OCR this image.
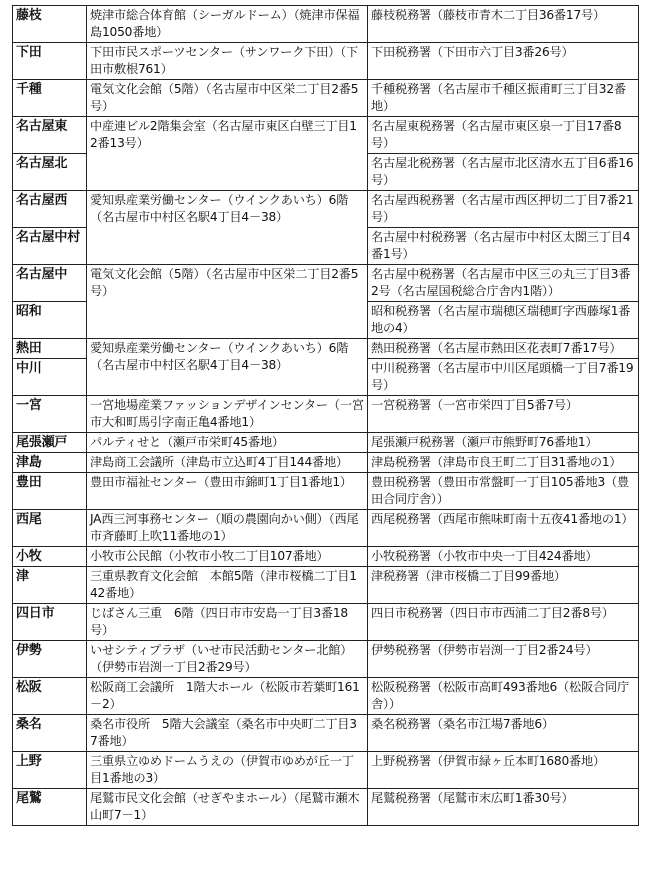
藤枝	焼津市総合体育館（シーガルドーム）（焼津市保福島1050番地）	藤枝税務署（藤枝市青木二丁目36番17号）
下田	下田市民スポーツセンター（サンワーク下田）（下田市敷根761）	下田税務署（下田市六丁目3番26号）
千種	電気文化会館（5階）（名古屋市中区栄二丁目2番5号）	千種税務署（名古屋市千種区振甫町三丁目32番地）
名古屋東	中産連ビル2階集会室（名古屋市東区白壁三丁目12番13号）	名古屋東税務署（名古屋市東区泉一丁目17番8号）
名古屋北		名古屋北税務署（名古屋市北区清水五丁目6番16号）
名古屋西	愛知県産業労働センター（ウインクあいち）6階（名古屋市中村区名駅4丁目4－38）	名古屋西税務署（名古屋市西区押切二丁目7番21号）
名古屋中村		名古屋中村税務署（名古屋市中村区太閤三丁目4番1号）
名古屋中	電気文化会館（5階）（名古屋市中区栄二丁目2番5号）	名古屋中税務署（名古屋市中区三の丸三丁目3番2号（名古屋国税総合庁舎内1階））
昭和		昭和税務署（名古屋市瑞穂区瑞穂町字西藤塚1番地の4）
熱田	愛知県産業労働センター（ウインクあいち）6階（名古屋市中村区名駅4丁目4－38）	熱田税務署（名古屋市熱田区花表町7番17号）
中川		中川税務署（名古屋市中川区尾頭橋一丁目7番19号）
一宮	一宮地場産業ファッションデザインセンター（一宮市大和町馬引字南正亀4番地1）	一宮税務署（一宮市栄四丁目5番7号）
尾張瀬戸	パルティせと（瀬戸市栄町45番地）	尾張瀬戸税務署（瀬戸市熊野町76番地1）
津島	津島商工会議所（津島市立込町4丁目144番地）	津島税務署（津島市良王町二丁目31番地の1）
豊田	豊田市福祉センター（豊田市錦町1丁目1番地1）	豊田税務署（豊田市常盤町一丁目105番地3（豊田合同庁舎））
西尾	JA西三河事務センター（順の農園向かい側）（西尾市斉藤町上吹11番地の1）	西尾税務署（西尾市熊味町南十五夜41番地の1）
小牧	小牧市公民館（小牧市小牧二丁目107番地）	小牧税務署（小牧市中央一丁目424番地）
津	三重県教育文化会館　本館5階（津市桜橋二丁目142番地）	津税務署（津市桜橋二丁目99番地）
四日市	じばさん三重　6階（四日市市安島一丁目3番18号）	四日市税務署（四日市市西浦二丁目2番8号）
伊勢	いせシティプラザ（いせ市民活動センター北館）（伊勢市岩渕一丁目2番29号）	伊勢税務署（伊勢市岩渕一丁目2番24号）
松阪	松阪商工会議所　1階大ホール（松阪市若葉町161－2）	松阪税務署（松阪市高町493番地6（松阪合同庁舎））
桑名	桑名市役所　5階大会議室（桑名市中央町二丁目37番地）	桑名税務署（桑名市江場7番地6）
上野	三重県立ゆめドームうえの（伊賀市ゆめが丘一丁目1番地の3）	上野税務署（伊賀市緑ヶ丘本町1680番地）
尾鷲	尾鷲市民文化会館（せぎやまホール）（尾鷲市瀬木山町7－1）	尾鷲税務署（尾鷲市末広町1番30号）
